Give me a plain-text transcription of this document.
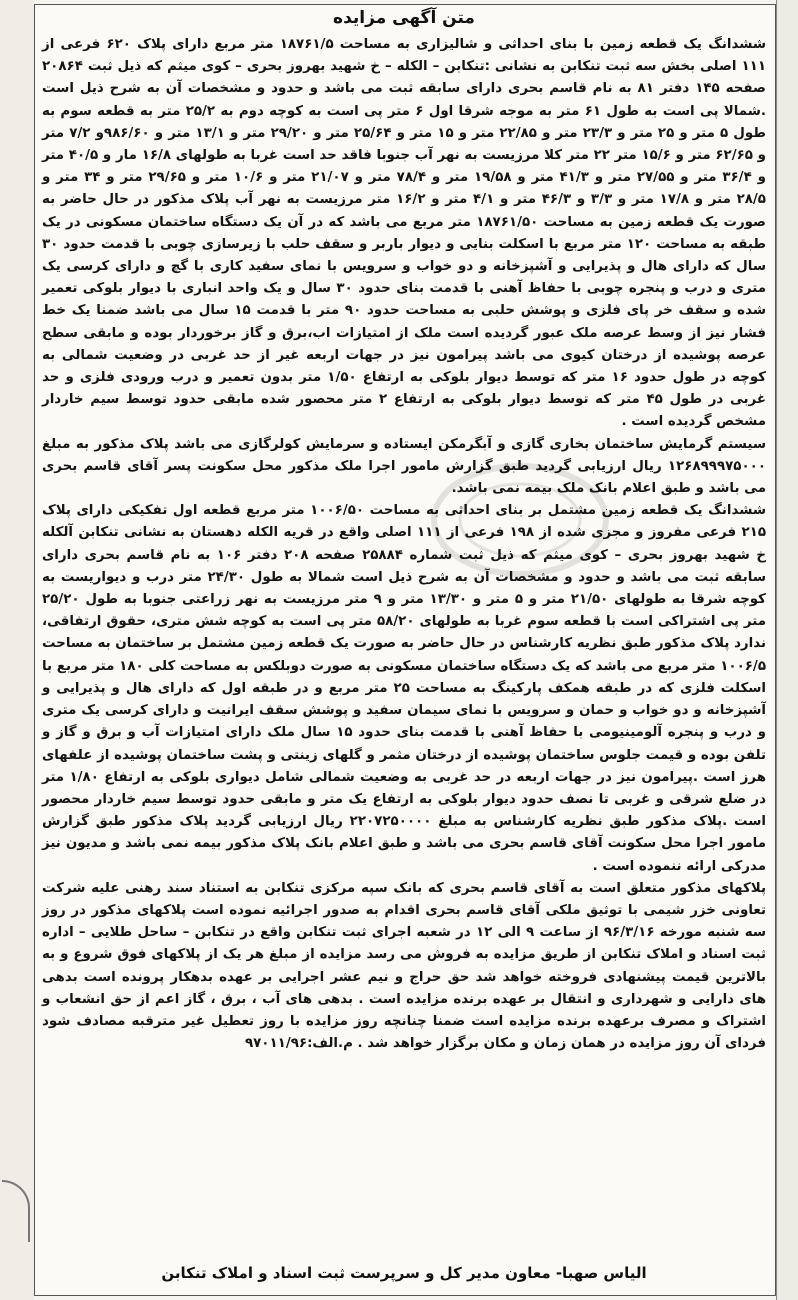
متن آگهی مزایده

ششدانگ یک قطعه زمین با بنای احداثی و شالیزاری به مساحت ۱۸۷۶۱/۵ متر مربع دارای پلاک ۶۲۰ فرعی از ۱۱۱ اصلی بخش سه ثبت تنکابن به نشانی :تنکابن – الکله – خ شهید بهروز بحری – کوی میثم که ذیل ثبت ۲۰۸۶۴ صفحه ۱۴۵ دفتر ۸۱ به نام قاسم بحری دارای سابقه ثبت می باشد و حدود و مشخصات آن به شرح ذیل است .شمالا پی است به طول ۶۱ متر به موجه شرقا اول ۶ متر پی است به کوچه دوم به ۲۵/۲ متر به قطعه سوم به طول ۵ متر و ۲۵ متر و ۲۳/۳ متر و ۲۲/۸۵ متر و ۱۵ متر و ۲۵/۶۴ متر و ۲۹/۲۰ متر و ۱۳/۱ متر و ۹۸۶/۶۰و ۷/۲ متر و ۶۲/۶۵ متر و ۱۵/۶ متر ۲۲ متر کلا مرزیست به نهر آب جنوبا فاقد حد است غربا به طولهای ۱۶/۸ مار و ۴۰/۵ متر و ۳۶/۴ متر و ۲۷/۵۵ متر و ۴۱/۳ متر و ۱۹/۵۸ متر و ۷۸/۴ متر و ۲۱/۰۷ متر و ۱۰/۶ متر و ۲۹/۶۵ متر و ۳۴ متر و ۲۸/۵ متر و ۱۷/۸ متر و ۳/۳ و ۴۶/۳ متر و ۴/۱ متر و ۱۶/۲ متر مرزیست به نهر آب پلاک مذکور در حال حاضر به صورت یک قطعه زمین به مساحت ۱۸۷۶۱/۵۰ متر مربع می باشد که در آن یک دستگاه ساختمان مسکونی در یک طبقه به مساحت ۱۲۰ متر مربع با اسکلت بنایی و دیوار باربر و سقف حلب با زیرسازی چوبی با قدمت حدود ۳۰ سال که دارای هال و پذیرایی و آشپزخانه و دو خواب و سرویس با نمای سفید کاری با گچ و دارای کرسی یک متری و درب و پنجره چوبی با حفاظ آهنی با قدمت بنای حدود ۳۰ سال و یک واحد انباری با دیوار بلوکی تعمیر شده و سقف خر پای فلزی و پوشش حلبی به مساحت حدود ۹۰ متر با قدمت ۱۵ سال می باشد ضمنا یک خط فشار نیز از وسط عرصه ملک عبور گردیده است ملک از امتیازات اب،برق و گاز برخوردار بوده و مابقی سطح عرصه پوشیده از درختان کیوی می باشد پیرامون نیز در جهات اربعه غیر از حد غربی در وضعیت شمالی به کوچه در طول حدود ۱۶ متر که توسط دیوار بلوکی به ارتفاع ۱/۵۰ متر بدون تعمیر و درب ورودی فلزی و حد غربی در طول ۴۵ متر که توسط دیوار بلوکی به ارتفاع ۲ متر محصور شده مابقی حدود توسط سیم خاردار مشخص گردیده است .

سیستم گرمایش ساختمان بخاری گازی و آبگرمکن ایستاده و سرمایش کولرگازی می باشد پلاک مذکور به مبلغ ۱۲۶۸۹۹۹۷۵۰۰۰ ریال ارزیابی گردید طبق گزارش مامور اجرا ملک مذکور محل سکونت پسر آقای قاسم بحری می باشد و طبق اعلام بانک ملک بیمه نمی باشد.

ششدانگ یک قطعه زمین مشتمل بر بنای احداثی به مساحت ۱۰۰۶/۵۰ متر مربع قطعه اول تفکیکی دارای پلاک ۲۱۵ فرعی مفروز و مجزی شده از ۱۹۸ فرعی از ۱۱۱ اصلی واقع در قریه الکله دهستان به نشانی تنکابن آلکله خ شهید بهروز بحری – کوی میثم که ذیل ثبت شماره ۲۵۸۸۴ صفحه ۲۰۸ دفتر ۱۰۶ به نام قاسم بحری دارای سابقه ثبت می باشد و حدود و مشخصات آن به شرح ذیل است شمالا به طول ۲۴/۳۰ متر درب و دیواریست به کوچه شرقا به طولهای ۲۱/۵۰ متر و ۵ متر و ۱۳/۳۰ متر و ۹ متر مرزیست به نهر زراعتی جنوبا به طول ۲۵/۲۰ متر پی اشتراکی است با قطعه سوم غربا به طولهای ۵۸/۲۰ متر پی است به کوچه شش متری، حقوق ارتفاقی، ندارد پلاک مذکور طبق نظریه کارشناس در حال حاضر به صورت یک قطعه زمین مشتمل بر ساختمان به مساحت ۱۰۰۶/۵ متر مربع می باشد که یک دستگاه ساختمان مسکونی به صورت دوبلکس به مساحت کلی ۱۸۰ متر مربع با اسکلت فلزی که در طبقه همکف پارکینگ به مساحت ۲۵ متر مربع و در طبقه اول که دارای هال و پذیرایی و آشپزخانه و دو خواب و حمان و سرویس با نمای سیمان سفید و پوشش سقف ایرانیت و دارای کرسی یک متری و درب و پنجره آلومینیومی با حفاظ آهنی با قدمت بنای حدود ۱۵ سال ملک دارای امتیازات آب و برق و گاز و تلفن بوده و قیمت جلوس ساختمان پوشیده از درختان مثمر و گلهای زینتی و پشت ساختمان پوشیده از علفهای هرز است .پیرامون نیز در جهات اربعه در حد غربی به وضعیت شمالی شامل دیواری بلوکی به ارتفاع ۱/۸۰ متر در ضلع شرقی و غربی تا نصف حدود دیوار بلوکی به ارتفاع یک متر و مابقی حدود توسط سیم خاردار محصور است .پلاک مذکور طبق نظریه کارشناس به مبلغ ۲۲۰۷۲۵۰۰۰۰ ریال ارزیابی گردید پلاک مذکور طبق گزارش مامور اجرا محل سکونت آقای قاسم بحری می باشد و طبق اعلام بانک پلاک مذکور بیمه نمی باشد و مدیون نیز مدرکی ارائه ننموده است .

پلاکهای مذکور متعلق است به آقای قاسم بحری که بانک سپه مرکزی تنکابن به استناد سند رهنی علیه شرکت تعاونی خزر شیمی با توثیق ملکی آقای قاسم بحری اقدام به صدور اجرائیه نموده است پلاکهای مذکور در روز سه شنبه مورخه ۹۶/۳/۱۶ از ساعت ۹ الی ۱۲ در شعبه اجرای ثبت تنکابن واقع در تنکابن – ساحل طلایی – اداره ثبت اسناد و املاک تنکابن از طریق مزایده به فروش می رسد مزایده از مبلغ هر یک از پلاکهای فوق شروع و به بالاترین قیمت پیشنهادی فروخته خواهد شد حق حراج و نیم عشر اجرایی بر عهده بدهکار پرونده است بدهی های دارایی و شهرداری و انتقال بر عهده برنده مزایده است . بدهی های آب ، برق ، گاز اعم از حق انشعاب و اشتراک و مصرف برعهده برنده مزایده است ضمنا چنانچه روز مزایده با روز تعطیل غیر مترقبه مصادف شود فردای آن روز مزایده در همان زمان و مکان برگزار خواهد شد . م.الف:۹۷۰۱۱/۹۶

الیاس صهبا- معاون مدیر کل و سرپرست ثبت اسناد و املاک تنکابن
